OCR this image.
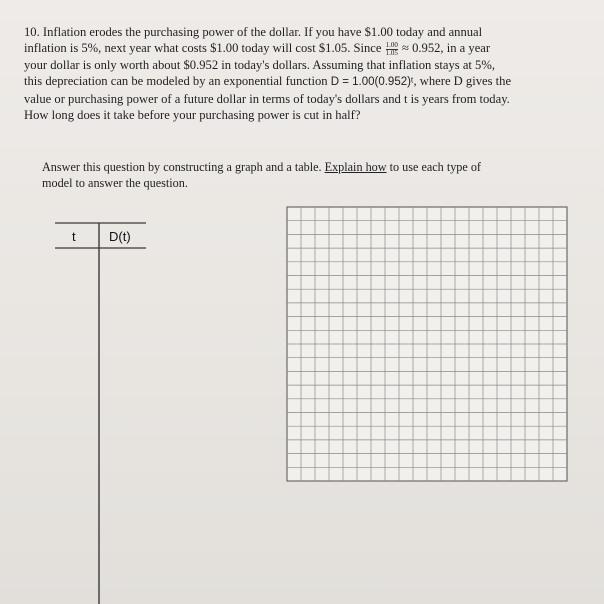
10. Inflation erodes the purchasing power of the dollar. If you have $1.00 today and annual
inflation is 5%, next year what costs $1.00 today will cost $1.05. Since $\frac{1.00}{1.05} \approx 0.952$, in a year
your dollar is only worth about $0.952 in today's dollars. Assuming that inflation stays at 5%,
this depreciation can be modeled by an exponential function D = 1.00(0.952)ᵗ, where D gives the
value or purchasing power of a future dollar in terms of today's dollars and t is years from today.
How long does it take before your purchasing power is cut in half?
Answer this question by constructing a graph and a table. Explain how to use each type of
model to answer the question.
t	D(t)
